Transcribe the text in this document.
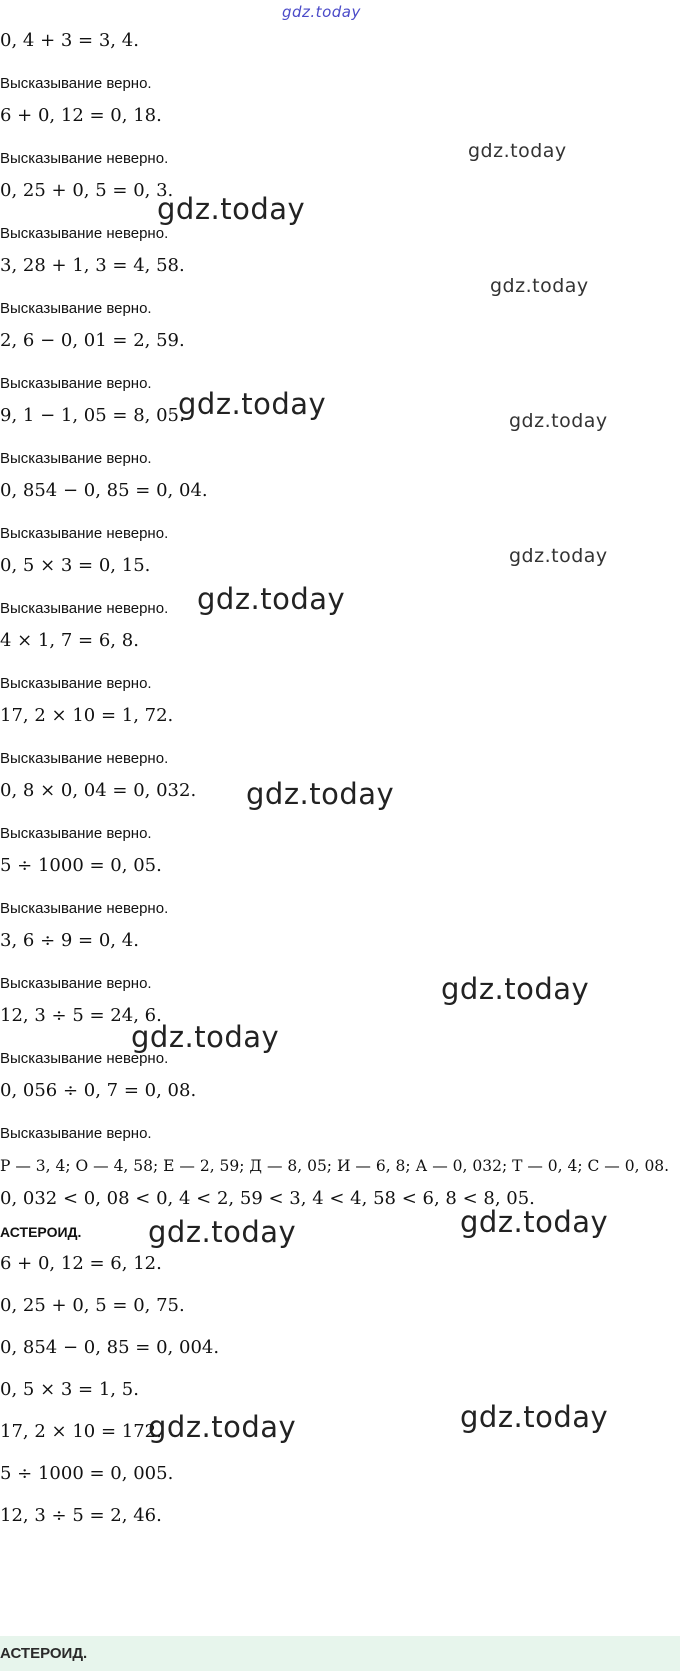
gdz.today
gdz.today
gdz.today
gdz.today
gdz.today	gdz.today
gdz.today
gdz.today
gdz.today
gdz.today
gdz.today
gdz.today
gdz.today
gdz.today
gdz.today
0, 4 + 3 = 3, 4.
Высказывание верно.
6 + 0, 12 = 0, 18.
Высказывание неверно.
0, 25 + 0, 5 = 0, 3.
Высказывание неверно.
3, 28 + 1, 3 = 4, 58.
Высказывание верно.
2, 6 − 0, 01 = 2, 59.
Высказывание верно.
9, 1 − 1, 05 = 8, 05.
Высказывание верно.
0, 854 − 0, 85 = 0, 04.
Высказывание неверно.
0, 5 × 3 = 0, 15.
Высказывание неверно.
4 × 1, 7 = 6, 8.
Высказывание верно.
17, 2 × 10 = 1, 72.
Высказывание неверно.
0, 8 × 0, 04 = 0, 032.
Высказывание верно.
5 ÷ 1000 = 0, 05.
Высказывание неверно.
3, 6 ÷ 9 = 0, 4.
Высказывание верно.
12, 3 ÷ 5 = 24, 6.
Высказывание неверно.
0, 056 ÷ 0, 7 = 0, 08.
Высказывание верно.
Р — 3, 4; О — 4, 58; Е — 2, 59; Д — 8, 05; И — 6, 8; А — 0, 032; Т — 0, 4; С — 0, 08.
0, 032 < 0, 08 < 0, 4 < 2, 59 < 3, 4 < 4, 58 < 6, 8 < 8, 05.
АСТЕРОИД.
6 + 0, 12 = 6, 12.
0, 25 + 0, 5 = 0, 75.
0, 854 − 0, 85 = 0, 004.
0, 5 × 3 = 1, 5.
17, 2 × 10 = 172.
5 ÷ 1000 = 0, 005.
12, 3 ÷ 5 = 2, 46.
АСТЕРОИД.
